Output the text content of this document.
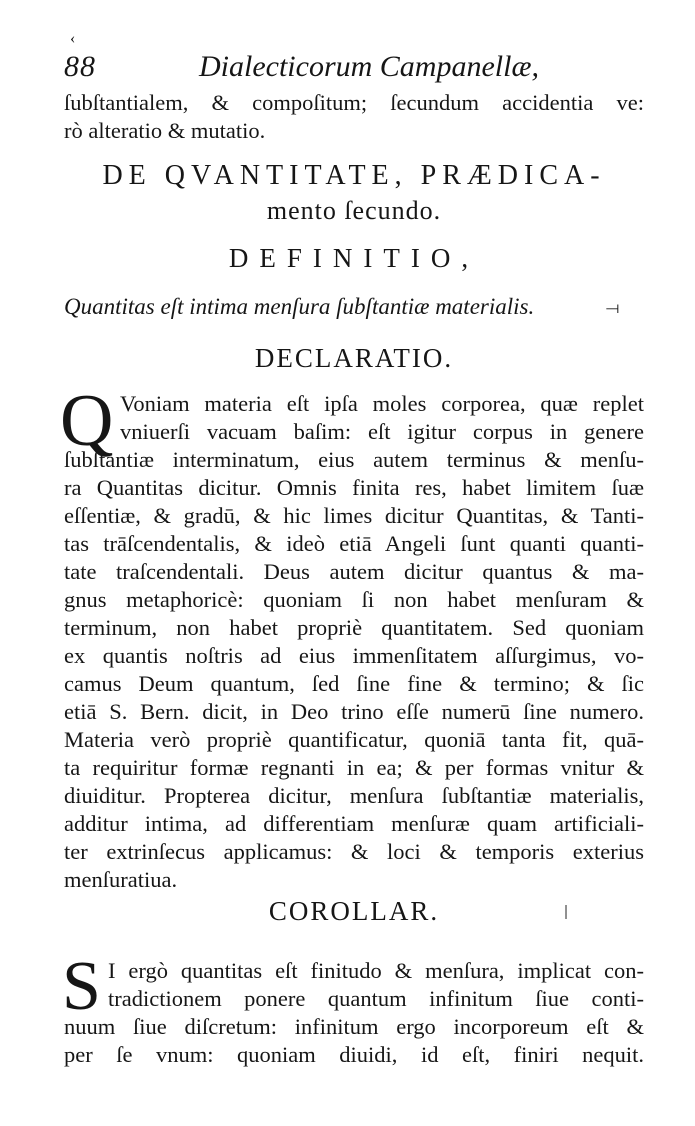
‹
88	Dialecticorum Campanellæ,
ſubſtantialem, & compoſitum; ſecundum accidentia ve:
rò alteratio & mutatio.
DE QVANTITATE, PRÆDICA-
mento ſecundo.
DEFINITIO,
Quantitas eſt intima menſura ſubſtantiæ materialis.	⟞
DECLARATIO.
Q Voniam materia eſt ipſa moles corporea, quæ replet
vniuerſi vacuam baſim: eſt igitur corpus in genere
ſubſtantiæ interminatum, eius autem terminus & menſu-
ra Quantitas dicitur. Omnis finita res, habet limitem ſuæ
eſſentiæ, & gradū, & hic limes dicitur Quantitas, & Tanti-
tas trāſcendentalis, & ideò etiā Angeli ſunt quanti quanti-
tate traſcendentali. Deus autem dicitur quantus & ma-
gnus metaphoricè: quoniam ſi non habet menſuram &
terminum, non habet propriè quantitatem. Sed quoniam
ex quantis noſtris ad eius immenſitatem aſſurgimus, vo-
camus Deum quantum, ſed ſine fine & termino; & ſic
etiā S. Bern. dicit, in Deo trino eſſe numerū ſine numero.
Materia verò propriè quantificatur, quoniā tanta fit, quā-
ta requiritur formæ regnanti in ea; & per formas vnitur &
diuiditur. Propterea dicitur, menſura ſubſtantiæ materialis,
additur intima, ad differentiam menſuræ quam artificiali-
ter extrinſecus applicamus: & loci & temporis exterius
menſuratiua.
COROLLAR.	ǀ
S I ergò quantitas eſt finitudo & menſura, implicat con-
tradictionem ponere quantum infinitum ſiue conti-
nuum ſiue diſcretum: infinitum ergo incorporeum eſt &
per ſe vnum: quoniam diuidi, id eſt, finiri nequit.
